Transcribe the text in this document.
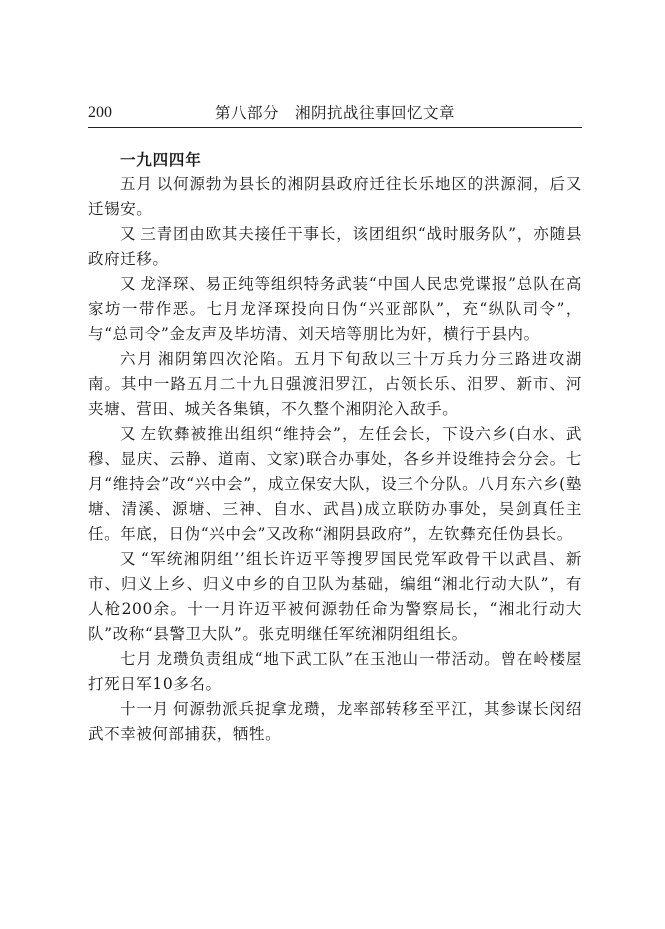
200	第八部分　湘阴抗战往事回忆文章

一九四四年

五月 以何源勃为县长的湘阴县政府迁往长乐地区的洪源洞，后又迁锡安。

又 三青团由欧其夫接任干事长，该团组织“战时服务队”，亦随县政府迁移。

又 龙泽琛、易正纯等组织特务武装“中国人民忠党谍报”总队在高家坊一带作恶。七月龙泽琛投向日伪“兴亚部队”，充“纵队司令”，与“总司令”金友声及毕坊清、刘天培等朋比为奸，横行于县内。

六月 湘阴第四次沦陷。五月下旬敌以三十万兵力分三路进攻湖南。其中一路五月二十九日强渡汨罗江，占领长乐、汨罗、新市、河夹塘、营田、城关各集镇，不久整个湘阴沦入敌手。

又 左钦彝被推出组织“维持会”，左任会长，下设六乡(白水、武穆、显庆、云静、道南、文家)联合办事处，各乡并设维持会分会。七月“维持会”改“兴中会”，成立保安大队，设三个分队。八月东六乡(塾塘、清溪、源塘、三神、自水、武昌)成立联防办事处，吴剑真任主任。年底，日伪“兴中会”又改称“湘阴县政府”，左钦彝充任伪县长。

又 “军统湘阴组’’组长许迈平等搜罗国民党军政骨干以武昌、新市、归义上乡、归义中乡的自卫队为基础，编组“湘北行动大队”，有人枪200余。十一月许迈平被何源勃任命为警察局长，“湘北行动大队”改称“县警卫大队”。张克明继任军统湘阴组组长。

七月 龙瓒负责组成“地下武工队”在玉池山一带活动。曾在岭楼屋打死日军10多名。

十一月 何源勃派兵捉拿龙瓒，龙率部转移至平江，其参谋长闵绍武不幸被何部捕获，牺牲。
